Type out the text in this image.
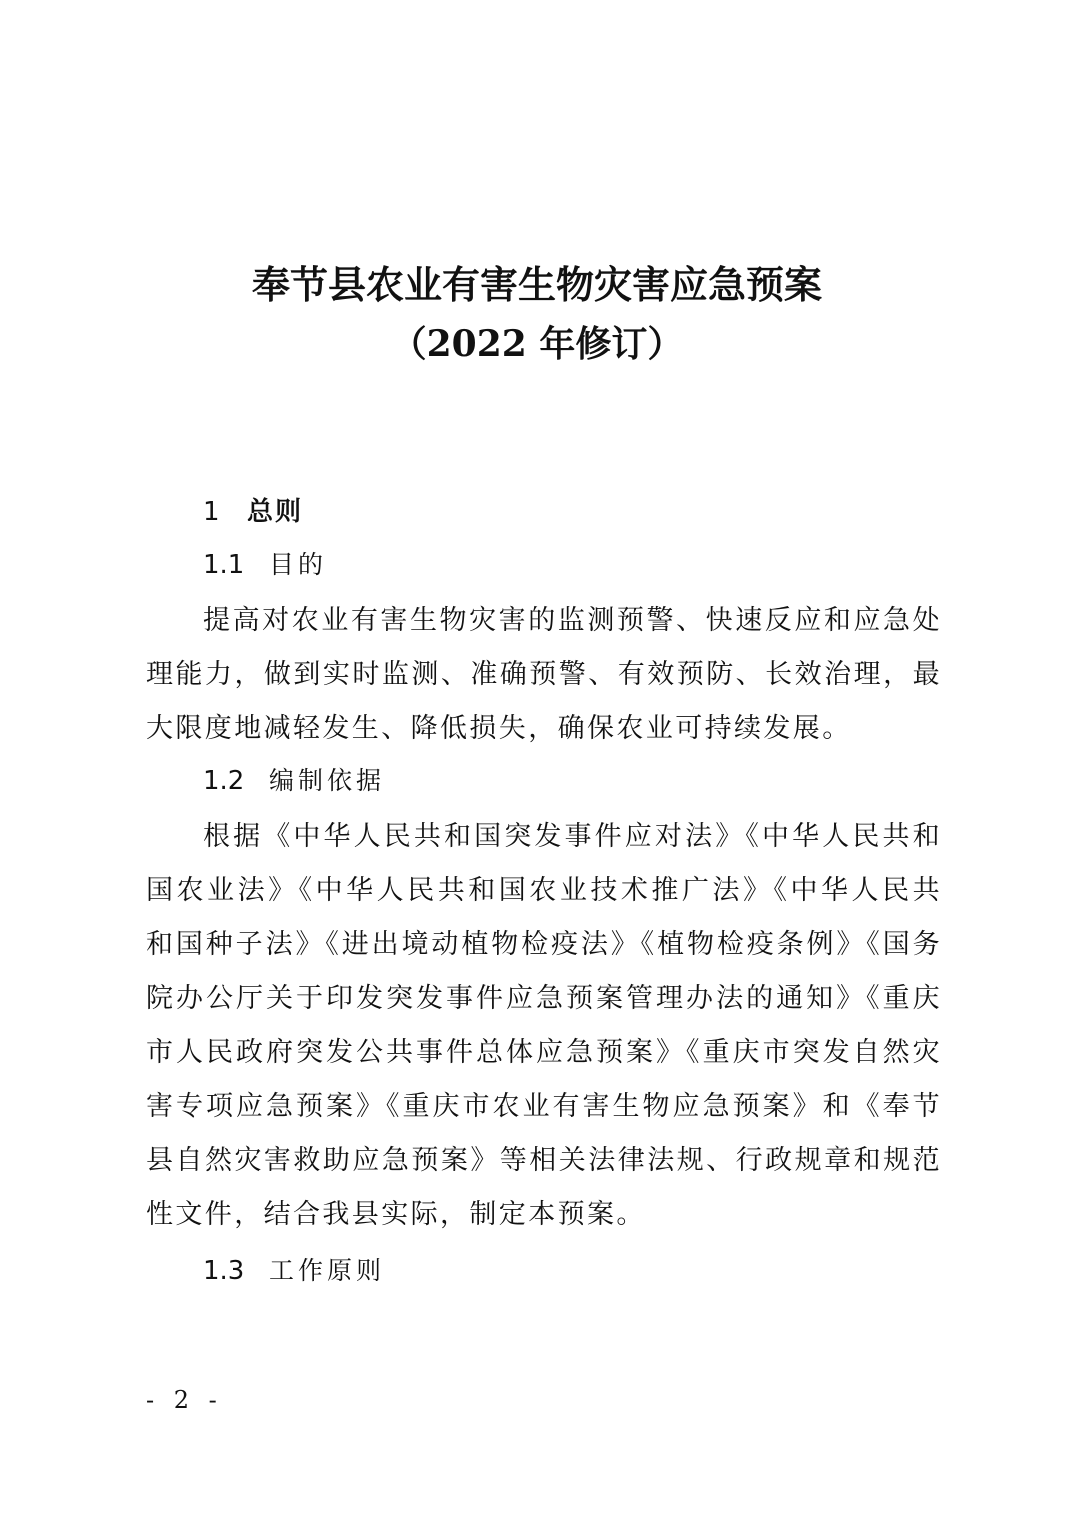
奉节县农业有害生物灾害应急预案
（2022 年修订）
1 总则
1.1 目的

提高对农业有害生物灾害的监测预警、快速反应和应急处理能力，做到实时监测、准确预警、有效预防、长效治理，最大限度地减轻发生、降低损失，确保农业可持续发展。

1.2 编制依据

根据《中华人民共和国突发事件应对法》《中华人民共和国农业法》《中华人民共和国农业技术推广法》《中华人民共和国种子法》《进出境动植物检疫法》《植物检疫条例》《国务院办公厅关于印发突发事件应急预案管理办法的通知》《重庆市人民政府突发公共事件总体应急预案》《重庆市突发自然灾害专项应急预案》《重庆市农业有害生物应急预案》和《奉节县自然灾害救助应急预案》等相关法律法规、行政规章和规范性文件，结合我县实际，制定本预案。

1.3 工作原则
- 2 -
